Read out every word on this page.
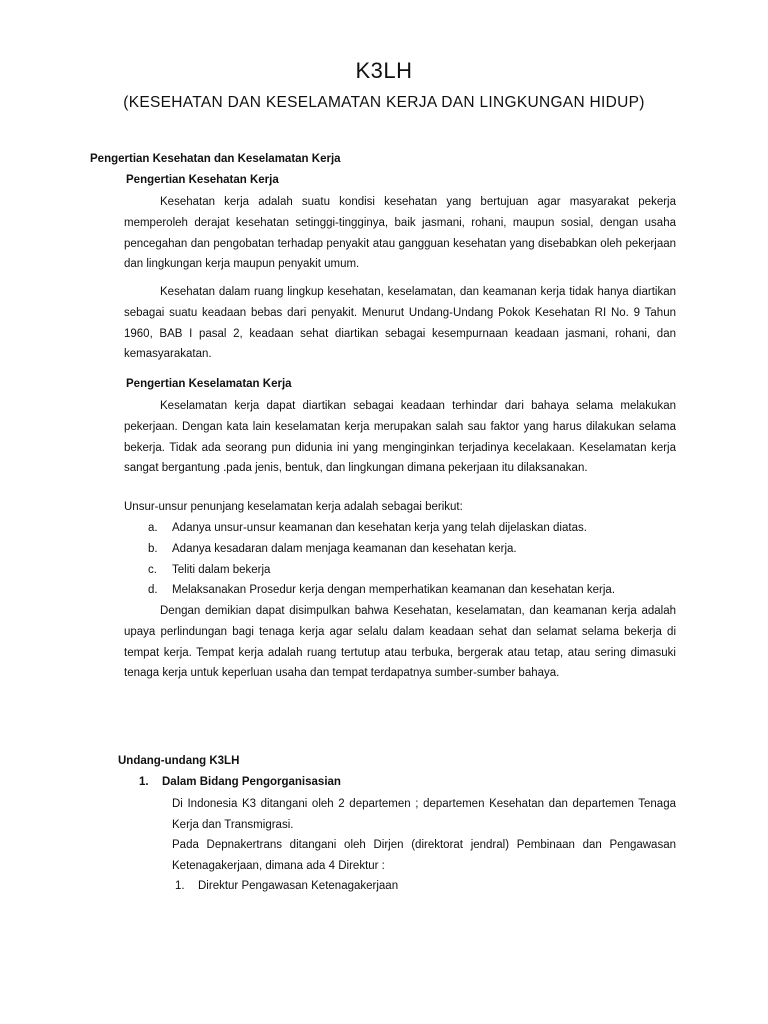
K3LH
(KESEHATAN DAN KESELAMATAN KERJA DAN LINGKUNGAN HIDUP)
Pengertian Kesehatan dan Keselamatan Kerja
Pengertian Kesehatan Kerja

Kesehatan kerja adalah suatu kondisi kesehatan yang bertujuan agar masyarakat pekerja memperoleh derajat kesehatan setinggi-tingginya, baik jasmani, rohani, maupun sosial, dengan usaha pencegahan dan pengobatan terhadap penyakit atau gangguan kesehatan yang disebabkan oleh pekerjaan dan lingkungan kerja maupun penyakit umum.

Kesehatan dalam ruang lingkup kesehatan, keselamatan, dan keamanan kerja tidak hanya diartikan sebagai suatu keadaan bebas dari penyakit. Menurut Undang-Undang Pokok Kesehatan RI No. 9 Tahun 1960, BAB I pasal 2, keadaan sehat diartikan sebagai kesempurnaan keadaan jasmani, rohani, dan kemasyarakatan.

Pengertian Keselamatan Kerja

Keselamatan kerja dapat diartikan sebagai keadaan terhindar dari bahaya selama melakukan pekerjaan. Dengan kata lain keselamatan kerja merupakan salah sau faktor yang harus dilakukan selama bekerja. Tidak ada seorang pun didunia ini yang menginginkan terjadinya kecelakaan. Keselamatan kerja sangat bergantung .pada jenis, bentuk, dan lingkungan dimana pekerjaan itu dilaksanakan.

Unsur-unsur penunjang keselamatan kerja adalah sebagai berikut:
a. Adanya unsur-unsur keamanan dan kesehatan kerja yang telah dijelaskan diatas.
b. Adanya kesadaran dalam menjaga keamanan dan kesehatan kerja.
c. Teliti dalam bekerja
d. Melaksanakan Prosedur kerja dengan memperhatikan keamanan dan kesehatan kerja.

Dengan demikian dapat disimpulkan bahwa Kesehatan, keselamatan, dan keamanan kerja adalah upaya perlindungan bagi tenaga kerja agar selalu dalam keadaan sehat dan selamat selama bekerja di tempat kerja. Tempat kerja adalah ruang tertutup atau terbuka, bergerak atau tetap, atau sering dimasuki tenaga kerja untuk keperluan usaha dan tempat terdapatnya sumber-sumber bahaya.

Undang-undang K3LH
1. Dalam Bidang Pengorganisasian

Di Indonesia K3 ditangani oleh 2 departemen ; departemen Kesehatan dan departemen Tenaga Kerja dan Transmigrasi.

Pada Depnakertrans ditangani oleh Dirjen (direktorat jendral) Pembinaan dan Pengawasan Ketenagakerjaan, dimana ada 4 Direktur :

1. Direktur Pengawasan Ketenagakerjaan
